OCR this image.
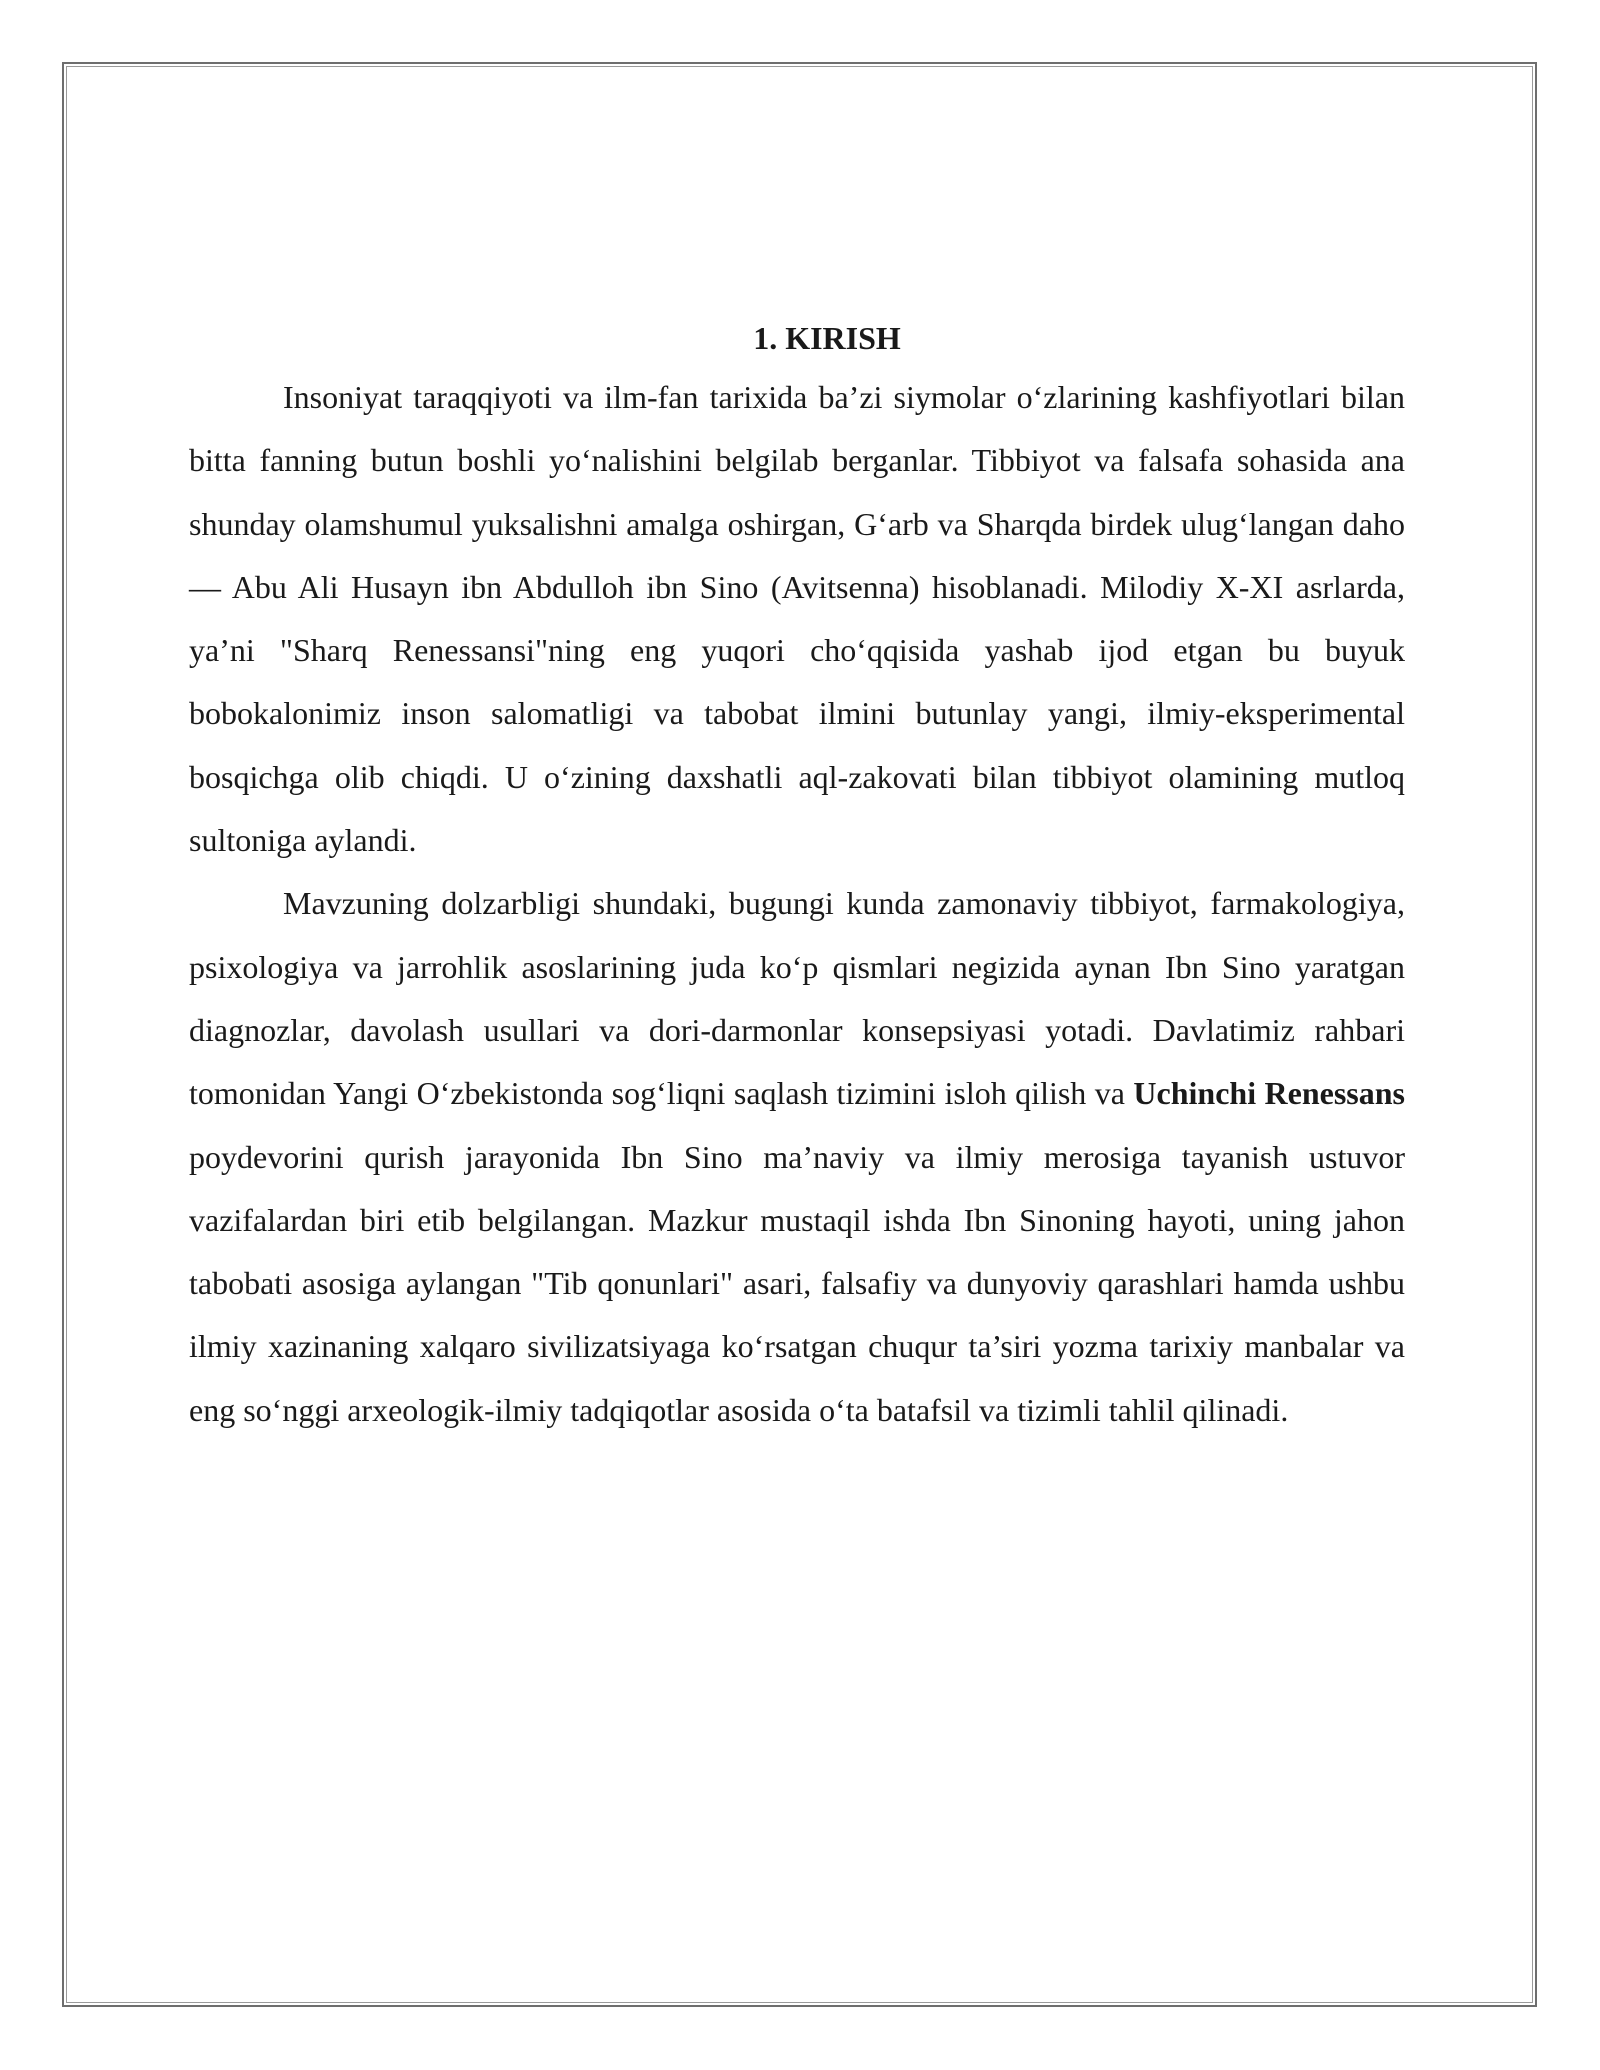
1. KIRISH

Insoniyat taraqqiyoti va ilm-fan tarixida ba’zi siymolar o‘zlarining kashfiyotlari bilan bitta fanning butun boshli yo‘nalishini belgilab berganlar. Tibbiyot va falsafa sohasida ana shunday olamshumul yuksalishni amalga oshirgan, G‘arb va Sharqda birdek ulug‘langan daho — Abu Ali Husayn ibn Abdulloh ibn Sino (Avitsenna) hisoblanadi. Milodiy X-XI asrlarda, ya’ni "Sharq Renessansi"ning eng yuqori cho‘qqisida yashab ijod etgan bu buyuk bobokalonimiz inson salomatligi va tabobat ilmini butunlay yangi, ilmiy-eksperimental bosqichga olib chiqdi. U o‘zining daxshatli aql-zakovati bilan tibbiyot olamining mutloq sultoniga aylandi.

Mavzuning dolzarbligi shundaki, bugungi kunda zamonaviy tibbiyot, farmakologiya, psixologiya va jarrohlik asoslarining juda ko‘p qismlari negizida aynan Ibn Sino yaratgan diagnozlar, davolash usullari va dori-darmonlar konsepsiyasi yotadi. Davlatimiz rahbari tomonidan Yangi O‘zbekistonda sog‘liqni saqlash tizimini isloh qilish va Uchinchi Renessans poydevorini qurish jarayonida Ibn Sino ma’naviy va ilmiy merosiga tayanish ustuvor vazifalardan biri etib belgilangan. Mazkur mustaqil ishda Ibn Sinoning hayoti, uning jahon tabobati asosiga aylangan "Tib qonunlari" asari, falsafiy va dunyoviy qarashlari hamda ushbu ilmiy xazinaning xalqaro sivilizatsiyaga ko‘rsatgan chuqur ta’siri yozma tarixiy manbalar va eng so‘nggi arxeologik-ilmiy tadqiqotlar asosida o‘ta batafsil va tizimli tahlil qilinadi.
